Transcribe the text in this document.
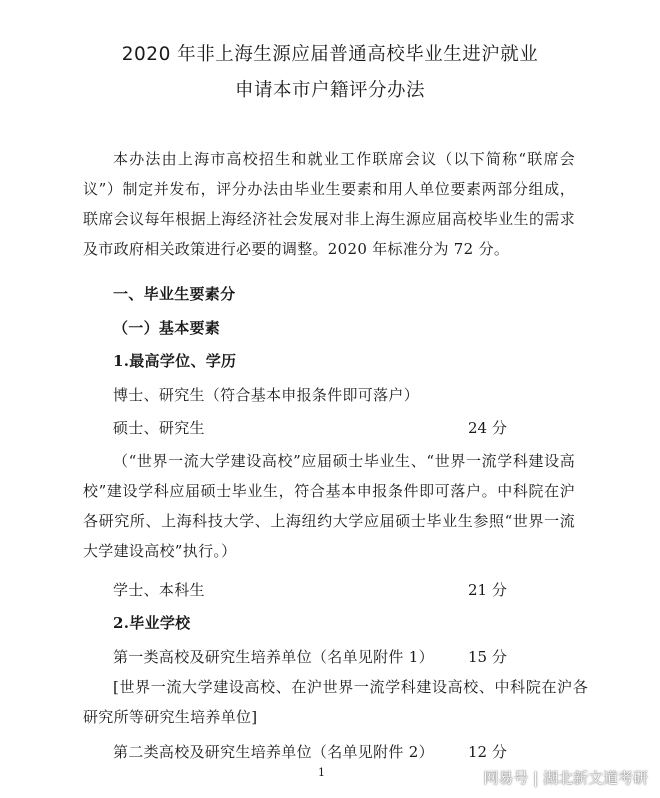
2020 年非上海生源应届普通高校毕业生进沪就业
申请本市户籍评分办法
本办法由上海市高校招生和就业工作联席会议（以下简称“联席会议”）制定并发布，评分办法由毕业生要素和用人单位要素两部分组成，联席会议每年根据上海经济社会发展对非上海生源应届高校毕业生的需求及市政府相关政策进行必要的调整。2020 年标准分为 72 分。
一、毕业生要素分
（一）基本要素
1.最高学位、学历
博士、研究生（符合基本申报条件即可落户）
硕士、研究生	24 分
（“世界一流大学建设高校”应届硕士毕业生、“世界一流学科建设高校”建设学科应届硕士毕业生，符合基本申报条件即可落户。中科院在沪各研究所、上海科技大学、上海纽约大学应届硕士毕业生参照“世界一流大学建设高校”执行。）
学士、本科生	21 分
2.毕业学校
第一类高校及研究生培养单位（名单见附件 1） 15 分
[世界一流大学建设高校、在沪世界一流学科建设高校、中科院在沪各研究所等研究生培养单位]
第二类高校及研究生培养单位（名单见附件 2） 12 分
1	网易号 | 湖北新文道考研
